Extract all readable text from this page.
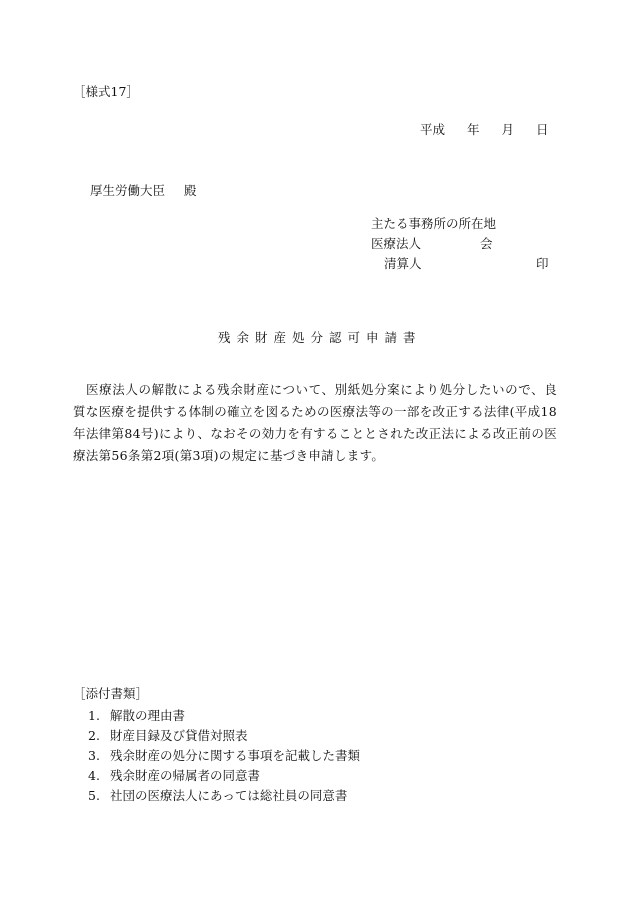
［様式17］
平成 年 月 日
厚生労働大臣 殿
主たる事務所の所在地
医療法人	会
清算人	印
残余財産処分認可申請書
医療法人の解散による残余財産について、別紙処分案により処分したいので、良質な医療を提供する体制の確立を図るための医療法等の一部を改正する法律(平成18年法律第84号)により、なおその効力を有することとされた改正法による改正前の医療法第56条第2項(第3項)の規定に基づき申請します。
［添付書類］
1. 解散の理由書
2. 財産目録及び貸借対照表
3. 残余財産の処分に関する事項を記載した書類
4. 残余財産の帰属者の同意書
5. 社団の医療法人にあっては総社員の同意書
